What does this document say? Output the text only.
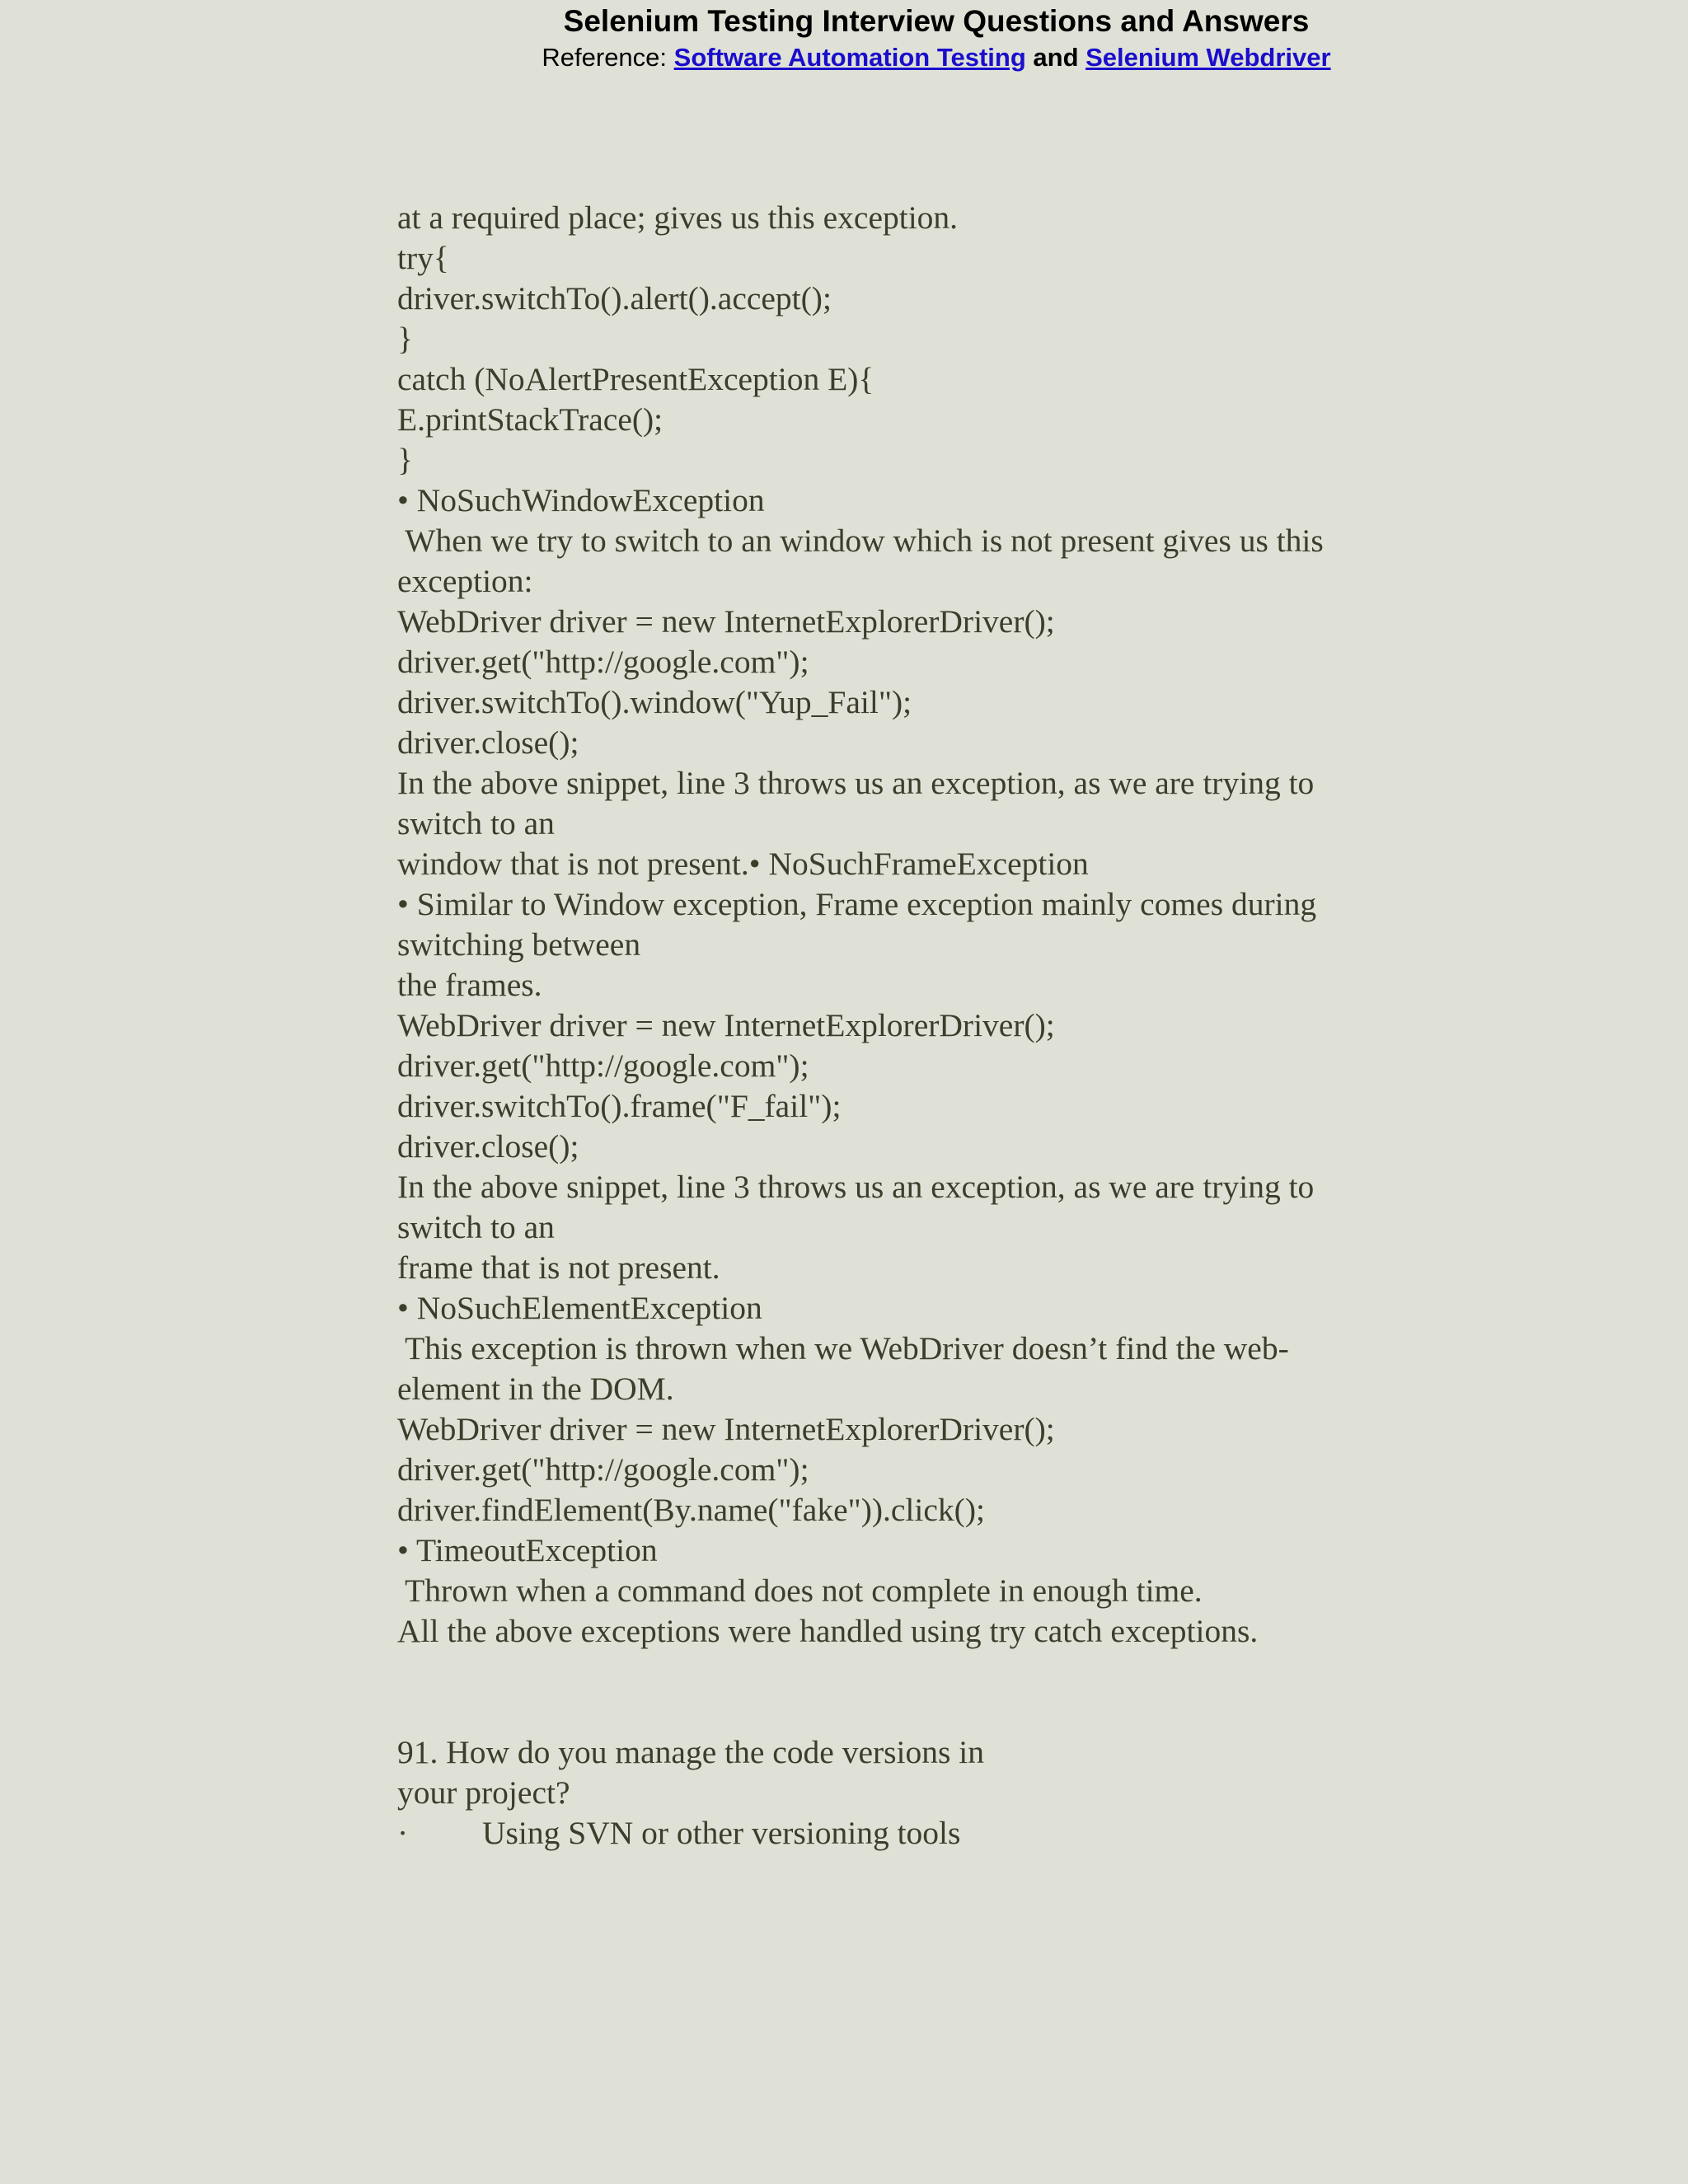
Selenium Testing Interview Questions and Answers
Reference: Software Automation Testing and Selenium Webdriver
at a required place; gives us this exception.
try{
driver.switchTo().alert().accept();
}
catch (NoAlertPresentException E){
E.printStackTrace();
}
• NoSuchWindowException
When we try to switch to an window which is not present gives us this
exception:
WebDriver driver = new InternetExplorerDriver();
driver.get("http://google.com");
driver.switchTo().window("Yup_Fail");
driver.close();
In the above snippet, line 3 throws us an exception, as we are trying to
switch to an
window that is not present.• NoSuchFrameException
• Similar to Window exception, Frame exception mainly comes during
switching between
the frames.
WebDriver driver = new InternetExplorerDriver();
driver.get("http://google.com");
driver.switchTo().frame("F_fail");
driver.close();
In the above snippet, line 3 throws us an exception, as we are trying to
switch to an
frame that is not present.
• NoSuchElementException
This exception is thrown when we WebDriver doesn’t find the web-
element in the DOM.
WebDriver driver = new InternetExplorerDriver();
driver.get("http://google.com");
driver.findElement(By.name("fake")).click();
• TimeoutException
Thrown when a command does not complete in enough time.
All the above exceptions were handled using try catch exceptions.
91. How do you manage the code versions in
your project?
· Using SVN or other versioning tools
